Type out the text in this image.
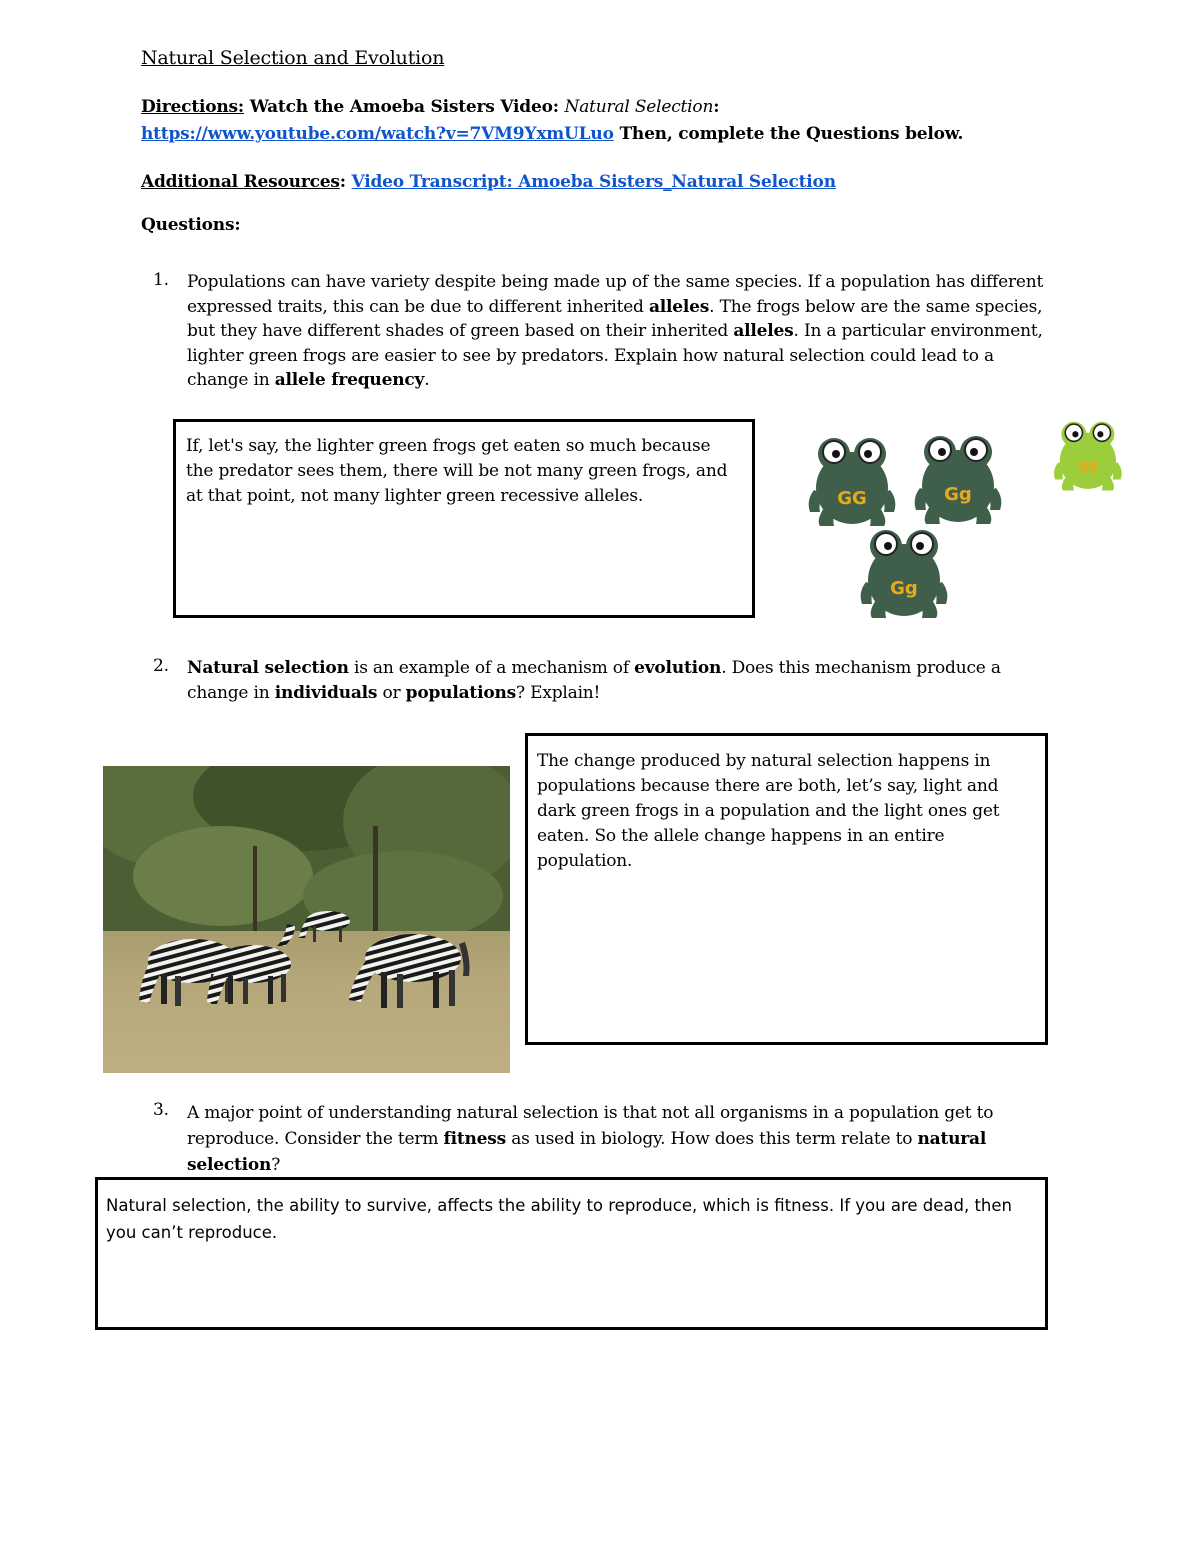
Natural Selection and Evolution
Directions: Watch the Amoeba Sisters Video: Natural Selection:
https://www.youtube.com/watch?v=7VM9YxmULuo Then, complete the Questions below.
Additional Resources: Video Transcript: Amoeba Sisters_Natural Selection
Questions:
1.	Populations can have variety despite being made up of the same species. If a population has different expressed traits, this can be due to different inherited alleles. The frogs below are the same species, but they have different shades of green based on their inherited alleles. In a particular environment, lighter green frogs are easier to see by predators. Explain how natural selection could lead to a change in allele frequency.
If, let's say, the lighter green frogs get eaten so much because the predator sees them, there will be not many green frogs, and at that point, not many lighter green recessive alleles.	GG	Gg
gg
Gg
2.	Natural selection is an example of a mechanism of evolution. Does this mechanism produce a change in individuals or populations? Explain!
The change produced by natural selection happens in populations because there are both, let’s say, light and dark green frogs in a population and the light ones get eaten. So the allele change happens in an entire population.
3.	A major point of understanding natural selection is that not all organisms in a population get to reproduce. Consider the term fitness as used in biology. How does this term relate to natural selection?
Natural selection, the ability to survive, affects the ability to reproduce, which is fitness. If you are dead, then you can’t reproduce.
